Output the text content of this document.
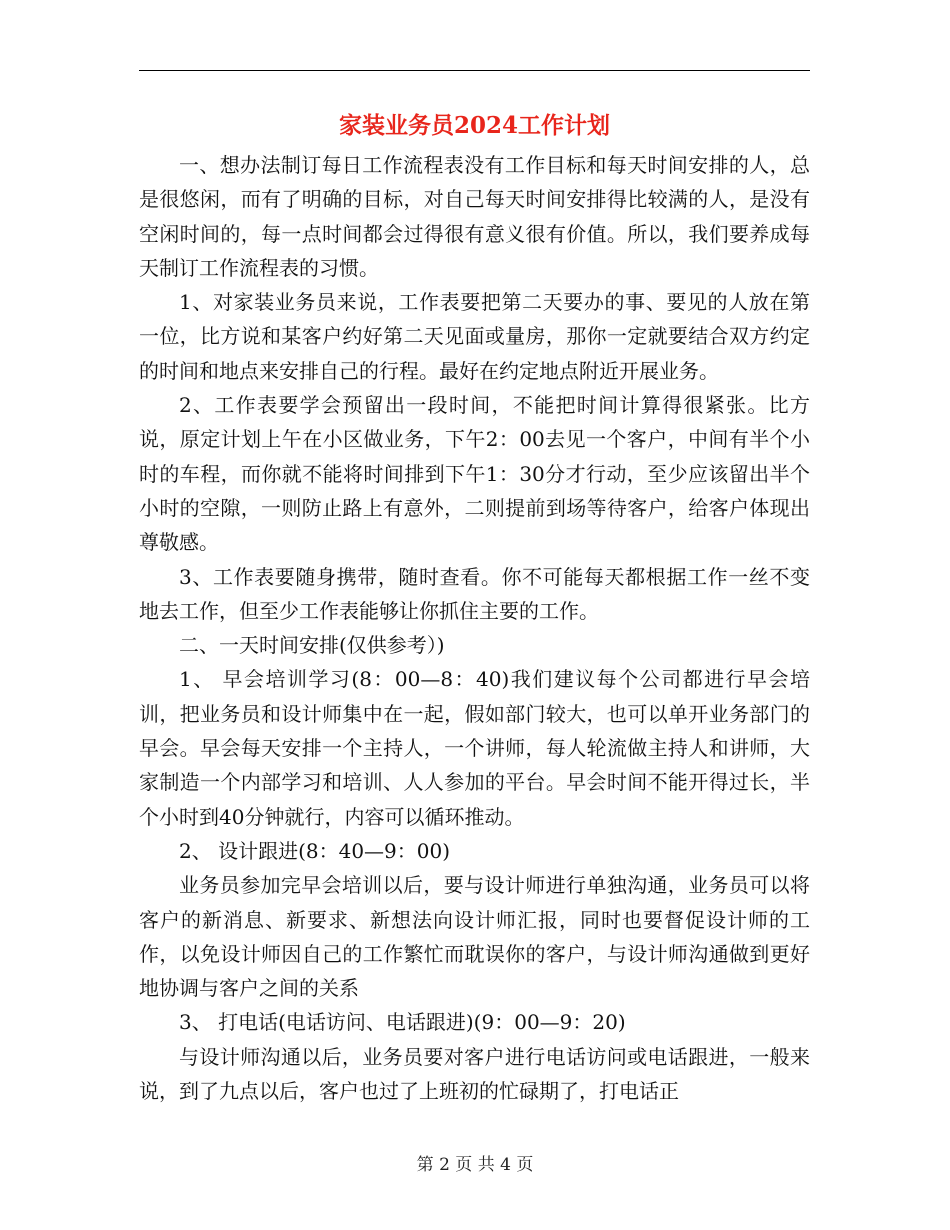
家装业务员2024工作计划

一、想办法制订每日工作流程表没有工作目标和每天时间安排的人，总是很悠闲，而有了明确的目标，对自己每天时间安排得比较满的人，是没有空闲时间的，每一点时间都会过得很有意义很有价值。所以，我们要养成每天制订工作流程表的习惯。

1、对家装业务员来说，工作表要把第二天要办的事、要见的人放在第一位，比方说和某客户约好第二天见面或量房，那你一定就要结合双方约定的时间和地点来安排自己的行程。最好在约定地点附近开展业务。

2、工作表要学会预留出一段时间，不能把时间计算得很紧张。比方说，原定计划上午在小区做业务，下午2：00去见一个客户，中间有半个小时的车程，而你就不能将时间排到下午1：30分才行动，至少应该留出半个小时的空隙，一则防止路上有意外，二则提前到场等待客户，给客户体现出尊敬感。

3、工作表要随身携带，随时查看。你不可能每天都根据工作一丝不变地去工作，但至少工作表能够让你抓住主要的工作。

二、一天时间安排(仅供参考）)

1、 早会培训学习(8：00—8：40)我们建议每个公司都进行早会培训，把业务员和设计师集中在一起，假如部门较大，也可以单开业务部门的早会。早会每天安排一个主持人，一个讲师，每人轮流做主持人和讲师，大家制造一个内部学习和培训、人人参加的平台。早会时间不能开得过长，半个小时到40分钟就行，内容可以循环推动。

2、 设计跟进(8：40—9：00)

业务员参加完早会培训以后，要与设计师进行单独沟通，业务员可以将客户的新消息、新要求、新想法向设计师汇报，同时也要督促设计师的工作，以免设计师因自己的工作繁忙而耽误你的客户，与设计师沟通做到更好地协调与客户之间的关系

3、 打电话(电话访问、电话跟进)(9：00—9：20)

与设计师沟通以后，业务员要对客户进行电话访问或电话跟进，一般来说，到了九点以后，客户也过了上班初的忙碌期了，打电话正

第 2 页 共 4 页
